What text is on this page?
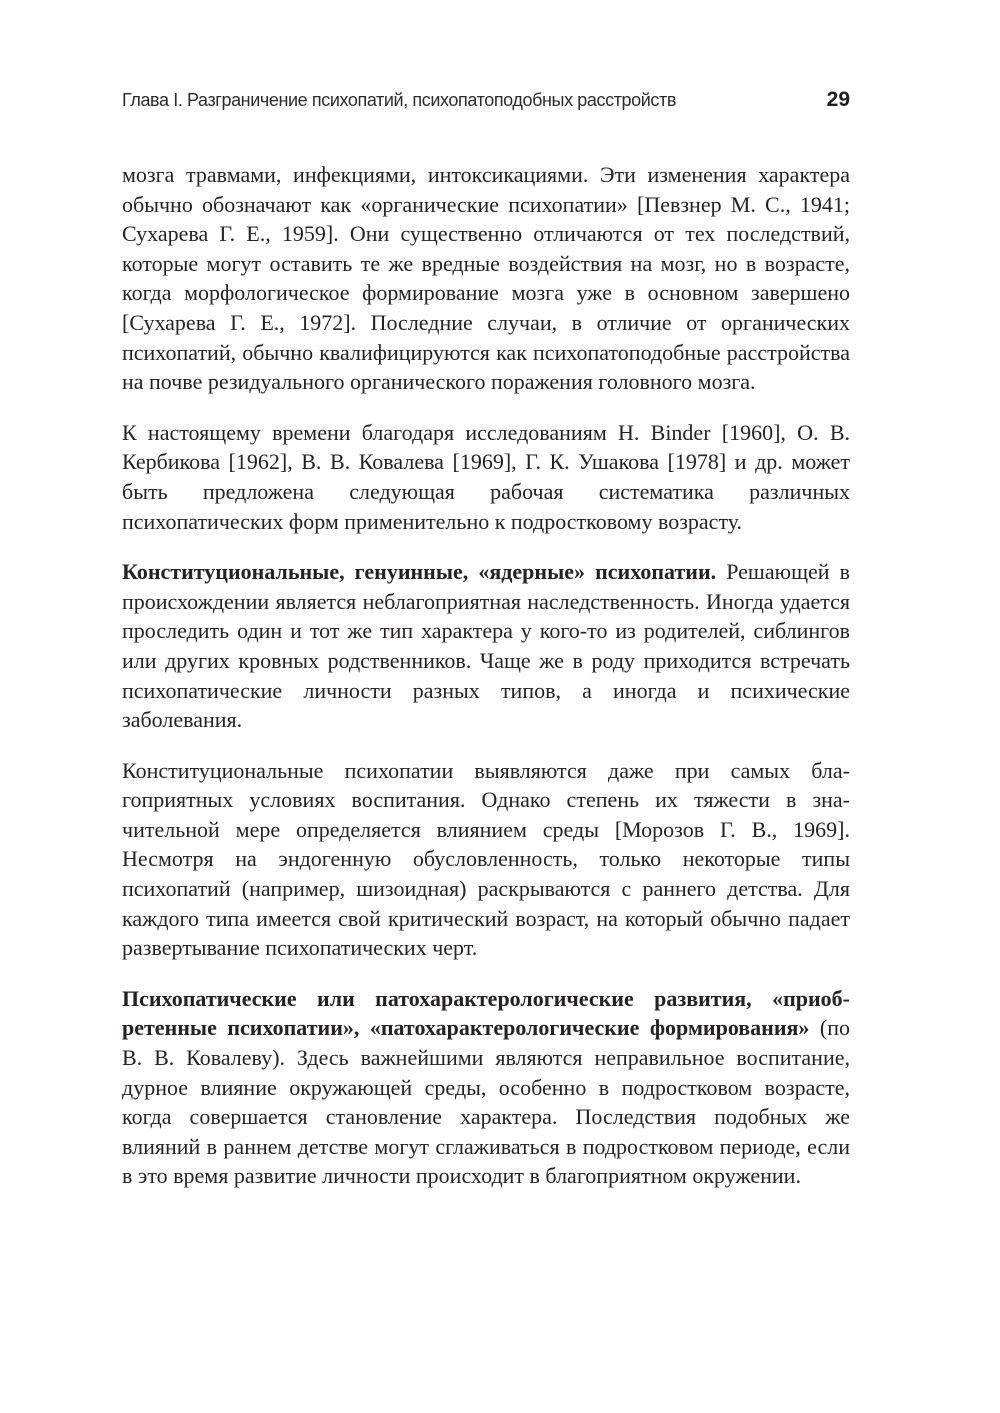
Глава I. Разграничение психопатий, психопатоподобных расстройств	29

мозга травмами, инфекциями, интоксикациями. Эти изменения характера обычно обозначают как «органические психопатии» [Певзнер М. С., 1941; Сухарева Г. Е., 1959]. Они существенно отличаются от тех последствий, которые могут оставить те же вредные воздействия на мозг, но в возрасте, когда морфологическое формирование мозга уже в основном завершено [Сухарева Г. Е., 1972]. Последние случаи, в отличие от органических психопатий, обычно квалифицируются как психопатоподобные расстройства на почве резидуального органического поражения головного мозга.

К настоящему времени благодаря исследованиям H. Binder [1960], О. В. Кербикова [1962], В. В. Ковалева [1969], Г. К. Ушакова [1978] и др. может быть предложена следующая рабочая систематика различных психопатических форм применительно к подростковому возрасту.

Конституциональные, генуинные, «ядерные» психопатии. Решающей в происхождении является неблагоприятная наследственность. Иногда удается проследить один и тот же тип характера у кого-то из родителей, сиблингов или других кровных родственников. Чаще же в роду приходится встречать психопатические личности разных типов, а иногда и психические заболевания.

Конституциональные психопатии выявляются даже при самых благоприятных условиях воспитания. Однако степень их тяжести в значительной мере определяется влиянием среды [Морозов Г. В., 1969]. Несмотря на эндогенную обусловленность, только некоторые типы психопатий (например, шизоидная) раскрываются с раннего детства. Для каждого типа имеется свой критический возраст, на который обычно падает развертывание психопатических черт.

Психопатические или патохарактерологические развития, «приобретенные психопатии», «патохарактерологические формирования» (по В. В. Ковалеву). Здесь важнейшими являются неправильное воспитание, дурное влияние окружающей среды, особенно в подростковом возрасте, когда совершается становление характера. Последствия подобных же влияний в раннем детстве могут сглаживаться в подростковом периоде, если в это время развитие личности происходит в благоприятном окружении.
